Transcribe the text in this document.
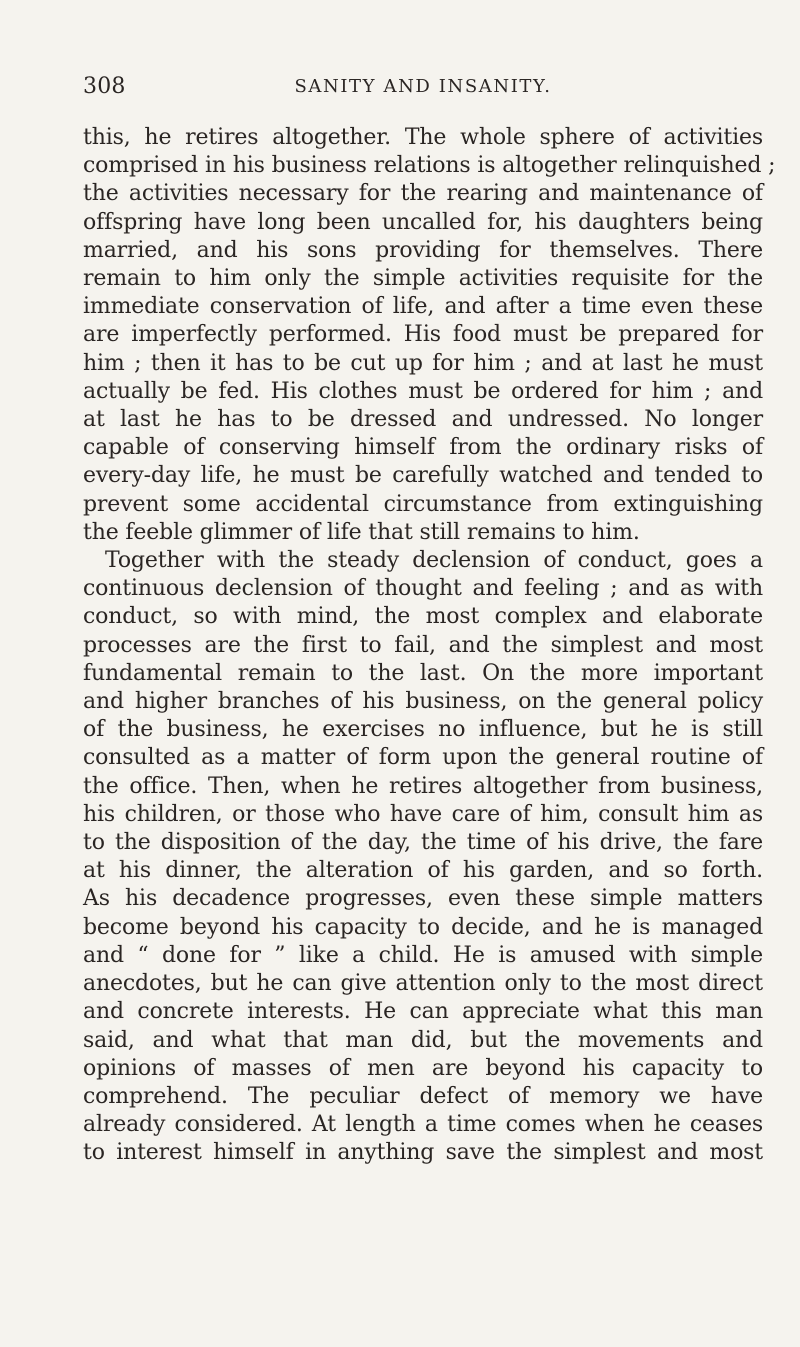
308	SANITY AND INSANITY.
this, he retires altogether. The whole sphere of activities
comprised in his business relations is altogether relinquished ;
the activities necessary for the rearing and maintenance of
offspring have long been uncalled for, his daughters being
married, and his sons providing for themselves. There
remain to him only the simple activities requisite for the
immediate conservation of life, and after a time even these
are imperfectly performed. His food must be prepared for
him ; then it has to be cut up for him ; and at last he must
actually be fed. His clothes must be ordered for him ; and
at last he has to be dressed and undressed. No longer
capable of conserving himself from the ordinary risks of
every-day life, he must be carefully watched and tended to
prevent some accidental circumstance from extinguishing
the feeble glimmer of life that still remains to him.
Together with the steady declension of conduct, goes a
continuous declension of thought and feeling ; and as with
conduct, so with mind, the most complex and elaborate
processes are the first to fail, and the simplest and most
fundamental remain to the last. On the more important
and higher branches of his business, on the general policy
of the business, he exercises no influence, but he is still
consulted as a matter of form upon the general routine of
the office. Then, when he retires altogether from business,
his children, or those who have care of him, consult him as
to the disposition of the day, the time of his drive, the fare
at his dinner, the alteration of his garden, and so forth.
As his decadence progresses, even these simple matters
become beyond his capacity to decide, and he is managed
and “ done for ” like a child. He is amused with simple
anecdotes, but he can give attention only to the most direct
and concrete interests. He can appreciate what this man
said, and what that man did, but the movements and
opinions of masses of men are beyond his capacity to
comprehend. The peculiar defect of memory we have
already considered. At length a time comes when he ceases
to interest himself in anything save the simplest and most
